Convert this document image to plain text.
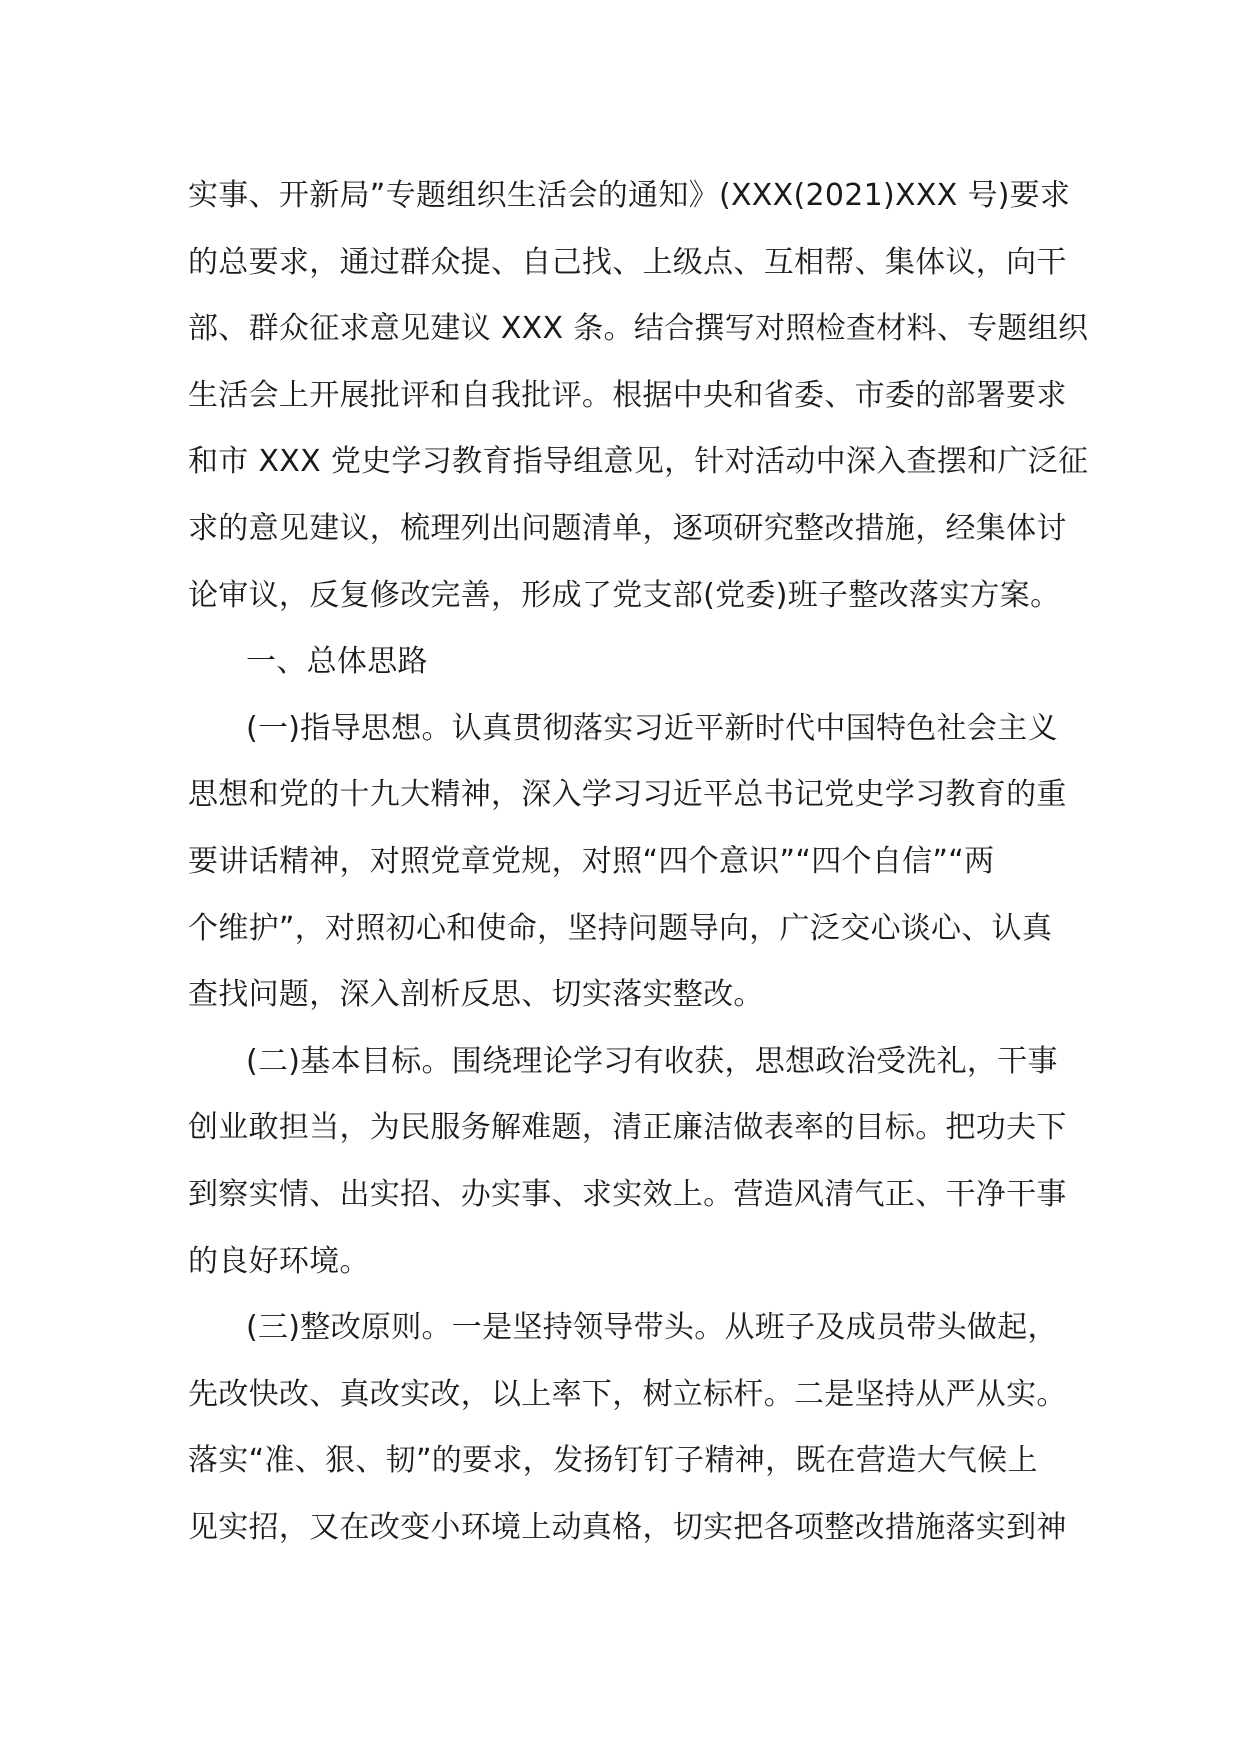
实事、开新局”专题组织生活会的通知》(XXX(2021)XXX 号)要求
的总要求，通过群众提、自己找、上级点、互相帮、集体议，向干
部、群众征求意见建议 XXX 条。结合撰写对照检查材料、专题组织
生活会上开展批评和自我批评。根据中央和省委、市委的部署要求
和市 XXX 党史学习教育指导组意见，针对活动中深入查摆和广泛征
求的意见建议，梳理列出问题清单，逐项研究整改措施，经集体讨
论审议，反复修改完善，形成了党支部(党委)班子整改落实方案。
一、总体思路
(一)指导思想。认真贯彻落实习近平新时代中国特色社会主义
思想和党的十九大精神，深入学习习近平总书记党史学习教育的重
要讲话精神，对照党章党规，对照“四个意识”“四个自信”“两
个维护”，对照初心和使命，坚持问题导向，广泛交心谈心、认真
查找问题，深入剖析反思、切实落实整改。
(二)基本目标。围绕理论学习有收获，思想政治受洗礼，干事
创业敢担当，为民服务解难题，清正廉洁做表率的目标。把功夫下
到察实情、出实招、办实事、求实效上。营造风清气正、干净干事
的良好环境。
(三)整改原则。一是坚持领导带头。从班子及成员带头做起，
先改快改、真改实改，以上率下，树立标杆。二是坚持从严从实。
落实“准、狠、韧”的要求，发扬钉钉子精神，既在营造大气候上
见实招，又在改变小环境上动真格，切实把各项整改措施落实到神
